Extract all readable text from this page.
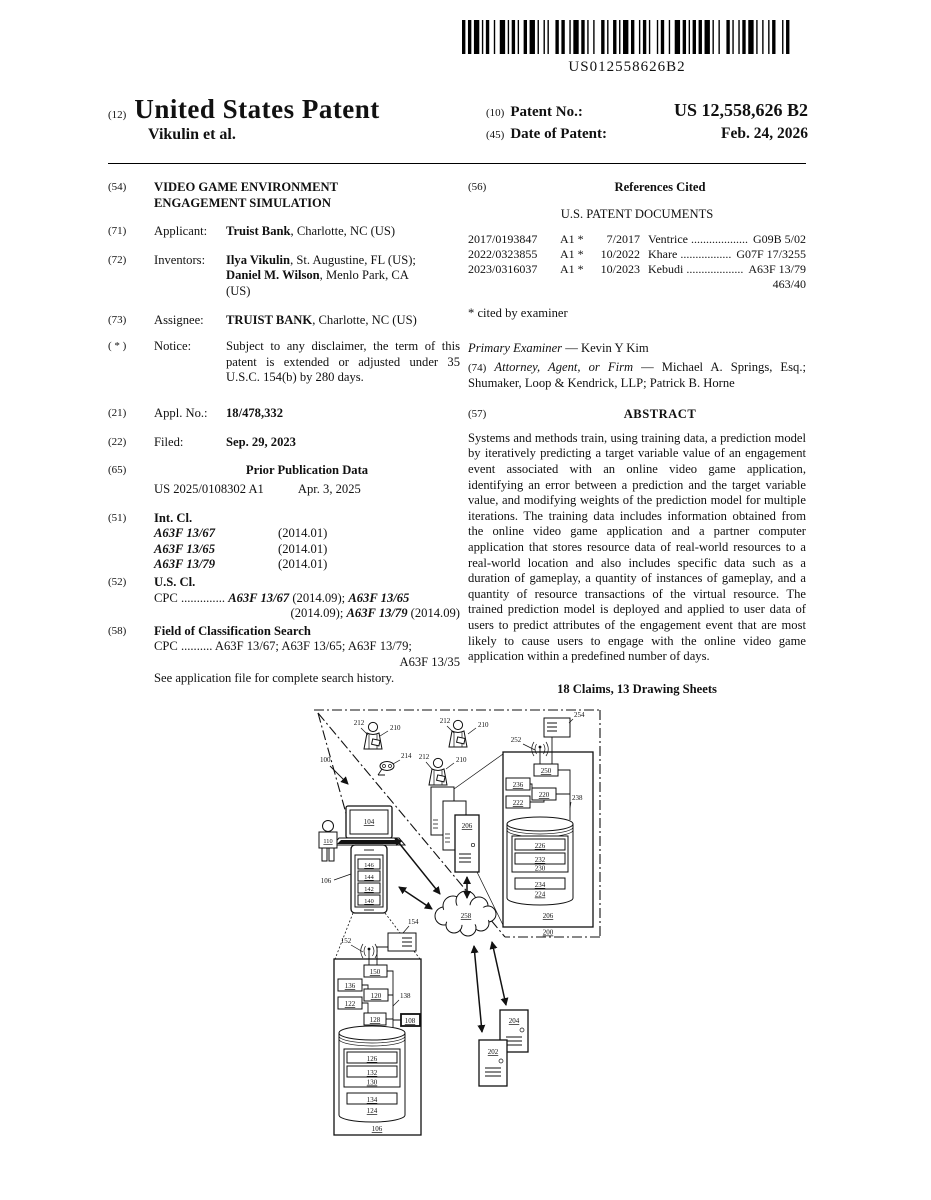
US012558626B2
(12) United States Patent
Vikulin et al.
(10) Patent No.:	US 12,558,626 B2
(45) Date of Patent:	Feb. 24, 2026
(54)	VIDEO GAME ENVIRONMENT
ENGAGEMENT SIMULATION
(71)	Applicant:	Truist Bank, Charlotte, NC (US)
(72)	Inventors:	Ilya Vikulin, St. Augustine, FL (US);
Daniel M. Wilson, Menlo Park, CA
(US)
(73)	Assignee:	TRUIST BANK, Charlotte, NC (US)
( * )	Notice:	Subject to any disclaimer, the term of this patent is extended or adjusted under 35 U.S.C. 154(b) by 280 days.
(21)	Appl. No.:	18/478,332
(22)	Filed:	Sep. 29, 2023
(65)	Prior Publication Data
US 2025/0108302 A1	Apr. 3, 2025
(51)	Int. Cl.
A63F 13/67	(2014.01)
A63F 13/65	(2014.01)
A63F 13/79	(2014.01)
(52)	U.S. Cl.
CPC .............. A63F 13/67 (2014.09); A63F 13/65
(2014.09); A63F 13/79 (2014.09)
(58)	Field of Classification Search
CPC .......... A63F 13/67; A63F 13/65; A63F 13/79;
A63F 13/35
See application file for complete search history.
(56)	References Cited
U.S. PATENT DOCUMENTS
2017/0193847	A1 *	7/2017 Ventrice ................... G09B 5/02
2022/0323855	A1 *	10/2022 Khare ................. G07F 17/3255
2023/0316037	A1 *	10/2023 Kebudi ................... A63F 13/79
463/40
* cited by examiner
Primary Examiner — Kevin Y Kim
(74) Attorney, Agent, or Firm — Michael A. Springs, Esq.; Shumaker, Loop & Kendrick, LLP; Patrick B. Horne
(57)	ABSTRACT
Systems and methods train, using training data, a prediction model by iteratively predicting a target variable value of an engagement event associated with an online video game application, identifying an error between a prediction and the target variable value, and modifying weights of the prediction model for multiple iterations. The training data includes information obtained from the online video game application and a partner computer application that stores resource data of real-world resources to a real-world location and also includes specific data such as a duration of gameplay, a quantity of instances of gameplay, and a quantity of resource transactions of the virtual resource. The trained prediction model is deployed and applied to user data of users to predict attributes of the engagement event that are most likely to cause users to engage with the online video game application within a predefined number of days.
18 Claims, 13 Drawing Sheets
100
212
210
212	210
212	210
214
104
110
146
144
142
140
106
206
258
154
152
150
136
120
122
128	108
138
126
132
130
134
124
106
254
252
250
236
220
222
238
226
232
230
234
224
206
200
204
202
